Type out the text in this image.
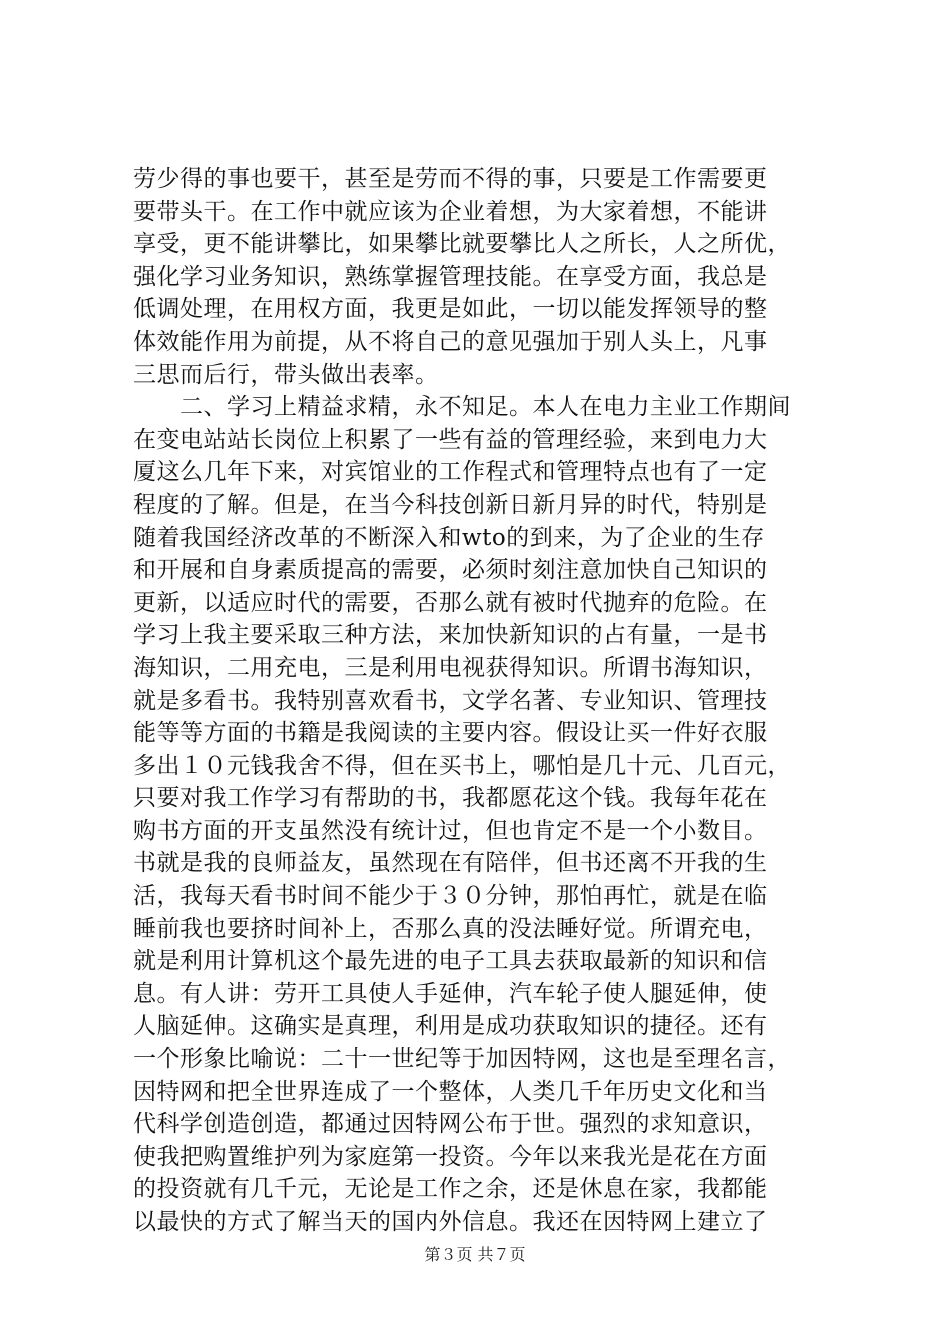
劳少得的事也要干，甚至是劳而不得的事，只要是工作需要更
要带头干。在工作中就应该为企业着想，为大家着想，不能讲
享受，更不能讲攀比，如果攀比就要攀比人之所长，人之所优，
强化学习业务知识，熟练掌握管理技能。在享受方面，我总是
低调处理，在用权方面，我更是如此，一切以能发挥领导的整
体效能作用为前提，从不将自己的意见强加于别人头上，凡事
三思而后行，带头做出表率。
　　二、学习上精益求精，永不知足。本人在电力主业工作期间
在变电站站长岗位上积累了一些有益的管理经验，来到电力大
厦这么几年下来，对宾馆业的工作程式和管理特点也有了一定
程度的了解。但是，在当今科技创新日新月异的时代，特别是
随着我国经济改革的不断深入和wto的到来，为了企业的生存
和开展和自身素质提高的需要，必须时刻注意加快自己知识的
更新，以适应时代的需要，否那么就有被时代抛弃的危险。在
学习上我主要采取三种方法，来加快新知识的占有量，一是书
海知识，二用充电，三是利用电视获得知识。所谓书海知识，
就是多看书。我特别喜欢看书，文学名著、专业知识、管理技
能等等方面的书籍是我阅读的主要内容。假设让买一件好衣服
多出１０元钱我舍不得，但在买书上，哪怕是几十元、几百元，
只要对我工作学习有帮助的书，我都愿花这个钱。我每年花在
购书方面的开支虽然没有统计过，但也肯定不是一个小数目。
书就是我的良师益友，虽然现在有陪伴，但书还离不开我的生
活，我每天看书时间不能少于３０分钟，那怕再忙，就是在临
睡前我也要挤时间补上，否那么真的没法睡好觉。所谓充电，
就是利用计算机这个最先进的电子工具去获取最新的知识和信
息。有人讲：劳开工具使人手延伸，汽车轮子使人腿延伸，使
人脑延伸。这确实是真理，利用是成功获取知识的捷径。还有
一个形象比喻说：二十一世纪等于加因特网，这也是至理名言，
因特网和把全世界连成了一个整体，人类几千年历史文化和当
代科学创造创造，都通过因特网公布于世。强烈的求知意识，
使我把购置维护列为家庭第一投资。今年以来我光是花在方面
的投资就有几千元，无论是工作之余，还是休息在家，我都能
以最快的方式了解当天的国内外信息。我还在因特网上建立了
第３页 共７页
